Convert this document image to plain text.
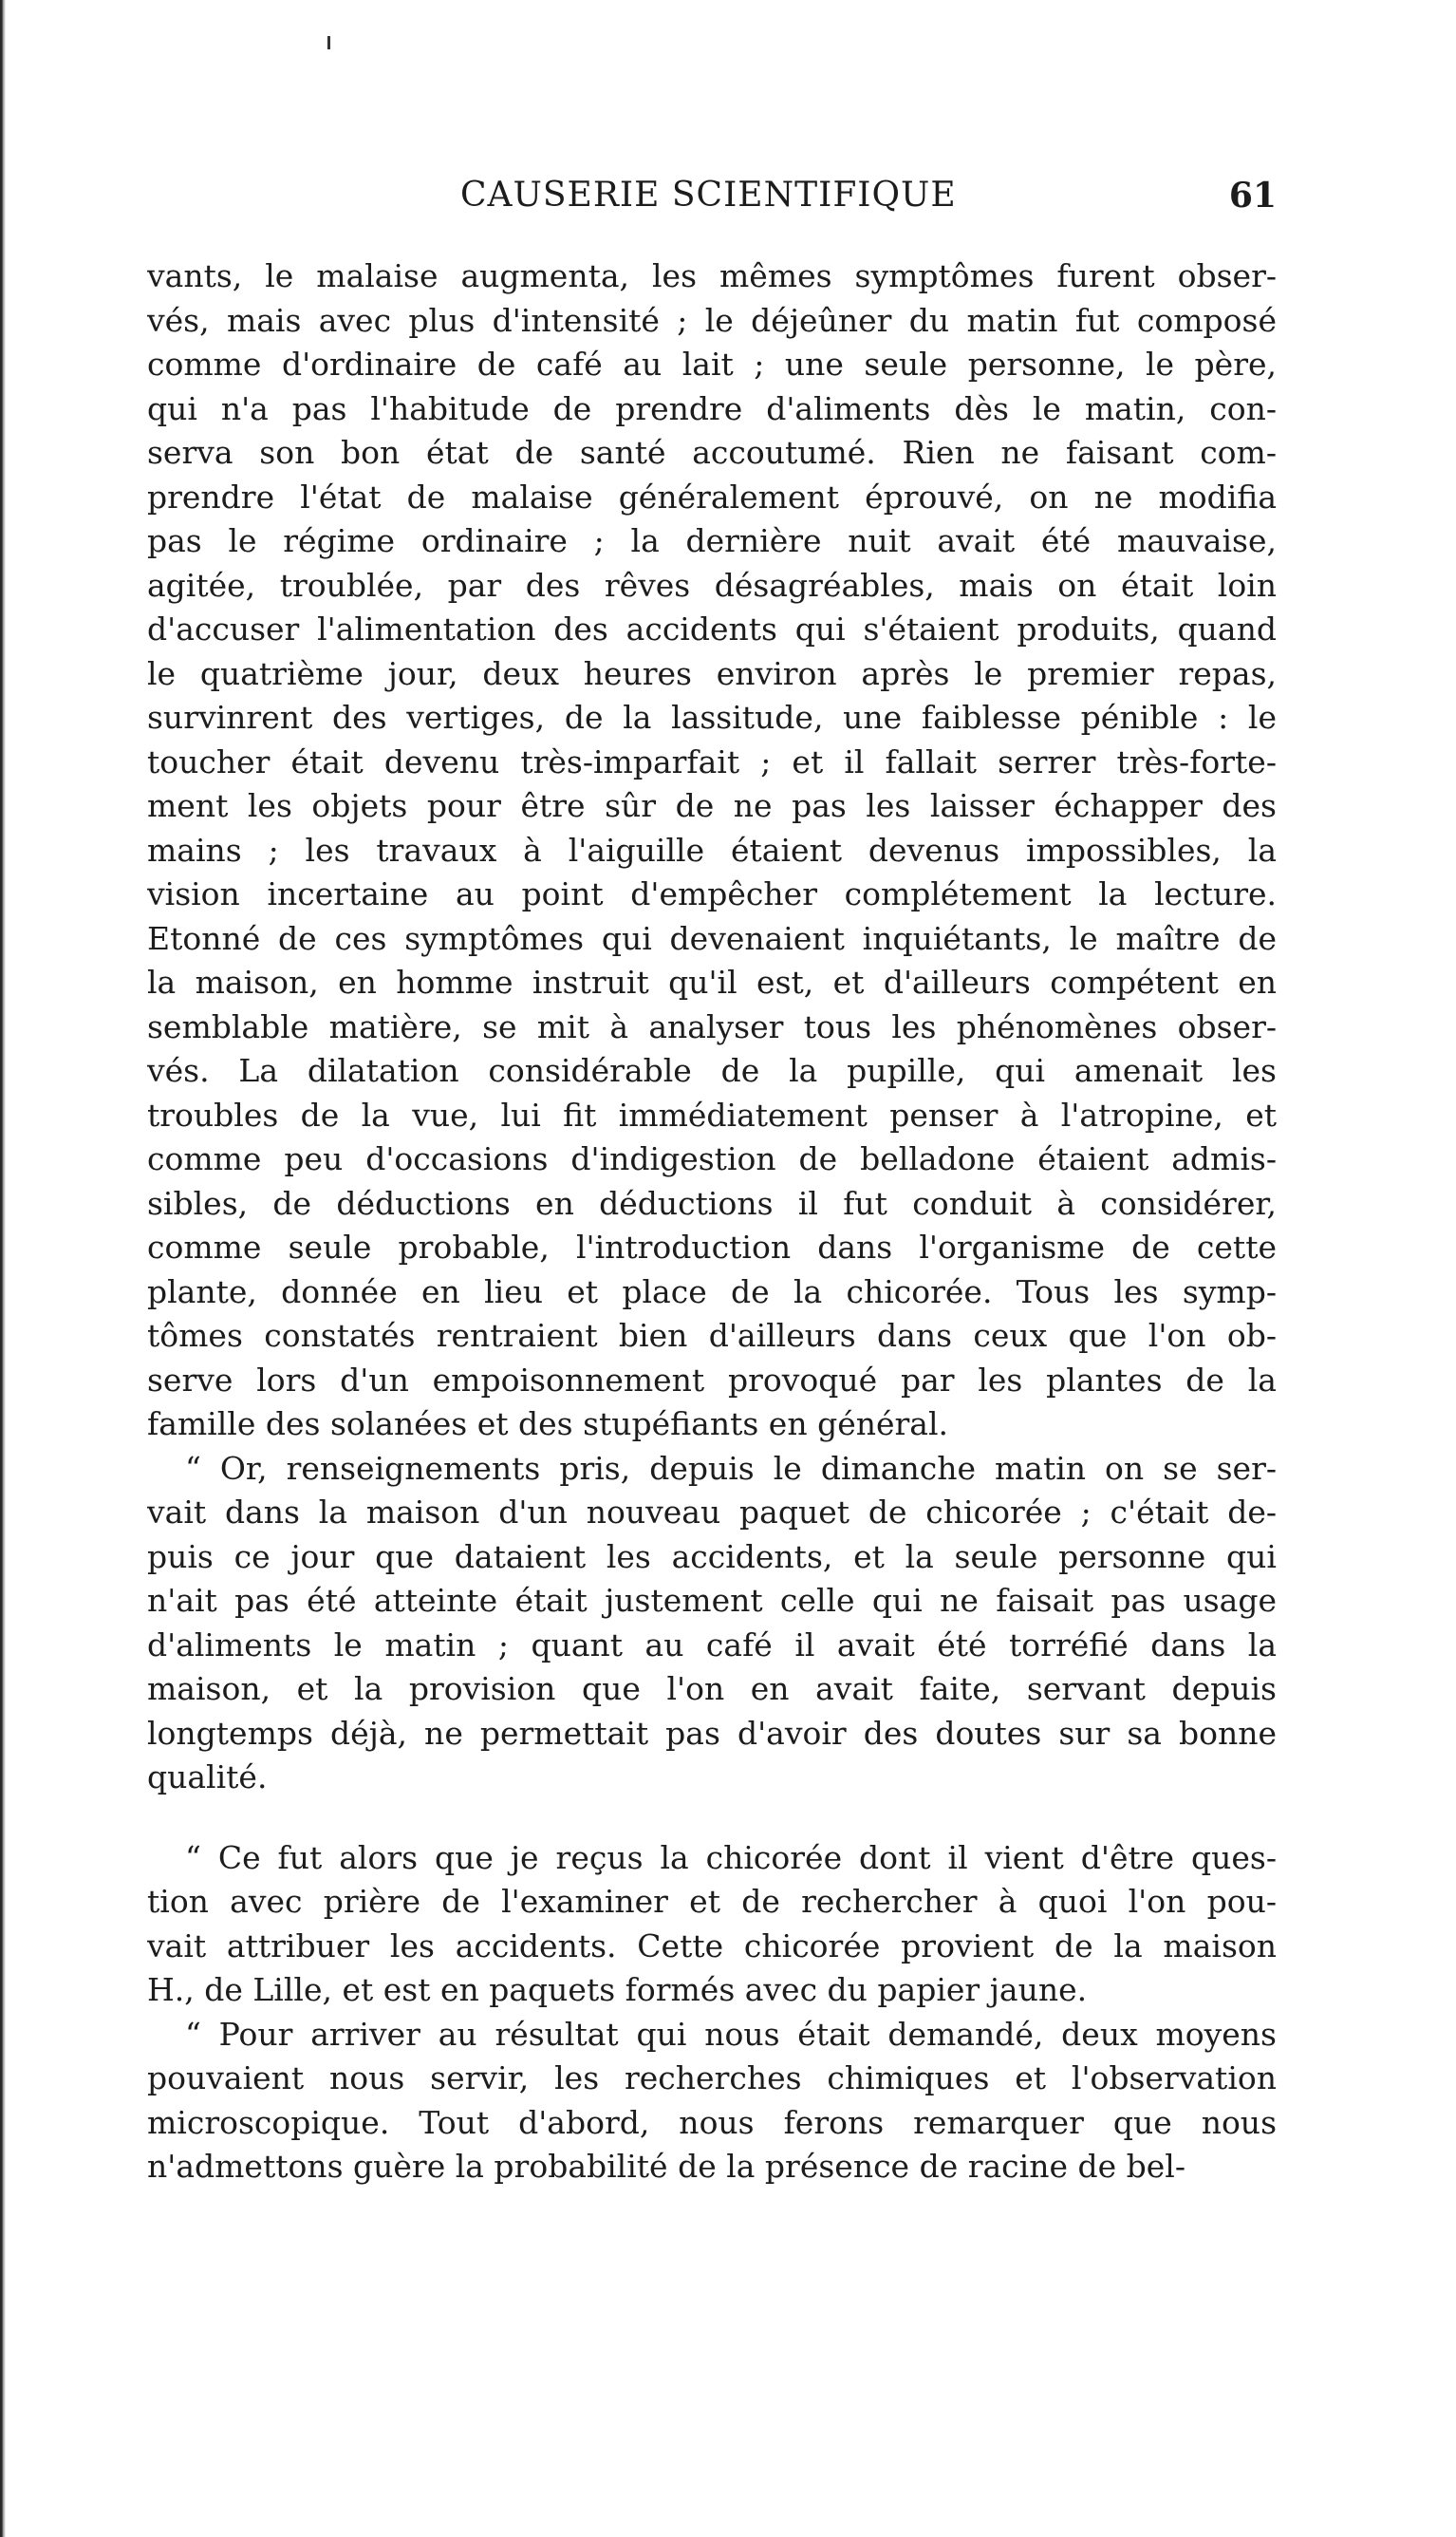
CAUSERIE SCIENTIFIQUE	61
vants, le malaise augmenta, les mêmes symptômes furent obser-
vés, mais avec plus d'intensité ; le déjeûner du matin fut composé
comme d'ordinaire de café au lait ; une seule personne, le père,
qui n'a pas l'habitude de prendre d'aliments dès le matin, con-
serva son bon état de santé accoutumé. Rien ne faisant com-
prendre l'état de malaise généralement éprouvé, on ne modifia
pas le régime ordinaire ; la dernière nuit avait été mauvaise,
agitée, troublée, par des rêves désagréables, mais on était loin
d'accuser l'alimentation des accidents qui s'étaient produits, quand
le quatrième jour, deux heures environ après le premier repas,
survinrent des vertiges, de la lassitude, une faiblesse pénible : le
toucher était devenu très-imparfait ; et il fallait serrer très-forte-
ment les objets pour être sûr de ne pas les laisser échapper des
mains ; les travaux à l'aiguille étaient devenus impossibles, la
vision incertaine au point d'empêcher complétement la lecture.
Etonné de ces symptômes qui devenaient inquiétants, le maître de
la maison, en homme instruit qu'il est, et d'ailleurs compétent en
semblable matière, se mit à analyser tous les phénomènes obser-
vés. La dilatation considérable de la pupille, qui amenait les
troubles de la vue, lui fit immédiatement penser à l'atropine, et
comme peu d'occasions d'indigestion de belladone étaient admis-
sibles, de déductions en déductions il fut conduit à considérer,
comme seule probable, l'introduction dans l'organisme de cette
plante, donnée en lieu et place de la chicorée. Tous les symp-
tômes constatés rentraient bien d'ailleurs dans ceux que l'on ob-
serve lors d'un empoisonnement provoqué par les plantes de la
famille des solanées et des stupéfiants en général.
“ Or, renseignements pris, depuis le dimanche matin on se ser-
vait dans la maison d'un nouveau paquet de chicorée ; c'était de-
puis ce jour que dataient les accidents, et la seule personne qui
n'ait pas été atteinte était justement celle qui ne faisait pas usage
d'aliments le matin ; quant au café il avait été torréfié dans la
maison, et la provision que l'on en avait faite, servant depuis
longtemps déjà, ne permettait pas d'avoir des doutes sur sa bonne
qualité.
“ Ce fut alors que je reçus la chicorée dont il vient d'être ques-
tion avec prière de l'examiner et de rechercher à quoi l'on pou-
vait attribuer les accidents. Cette chicorée provient de la maison
H., de Lille, et est en paquets formés avec du papier jaune.
“ Pour arriver au résultat qui nous était demandé, deux moyens
pouvaient nous servir, les recherches chimiques et l'observation
microscopique. Tout d'abord, nous ferons remarquer que nous
n'admettons guère la probabilité de la présence de racine de bel-
